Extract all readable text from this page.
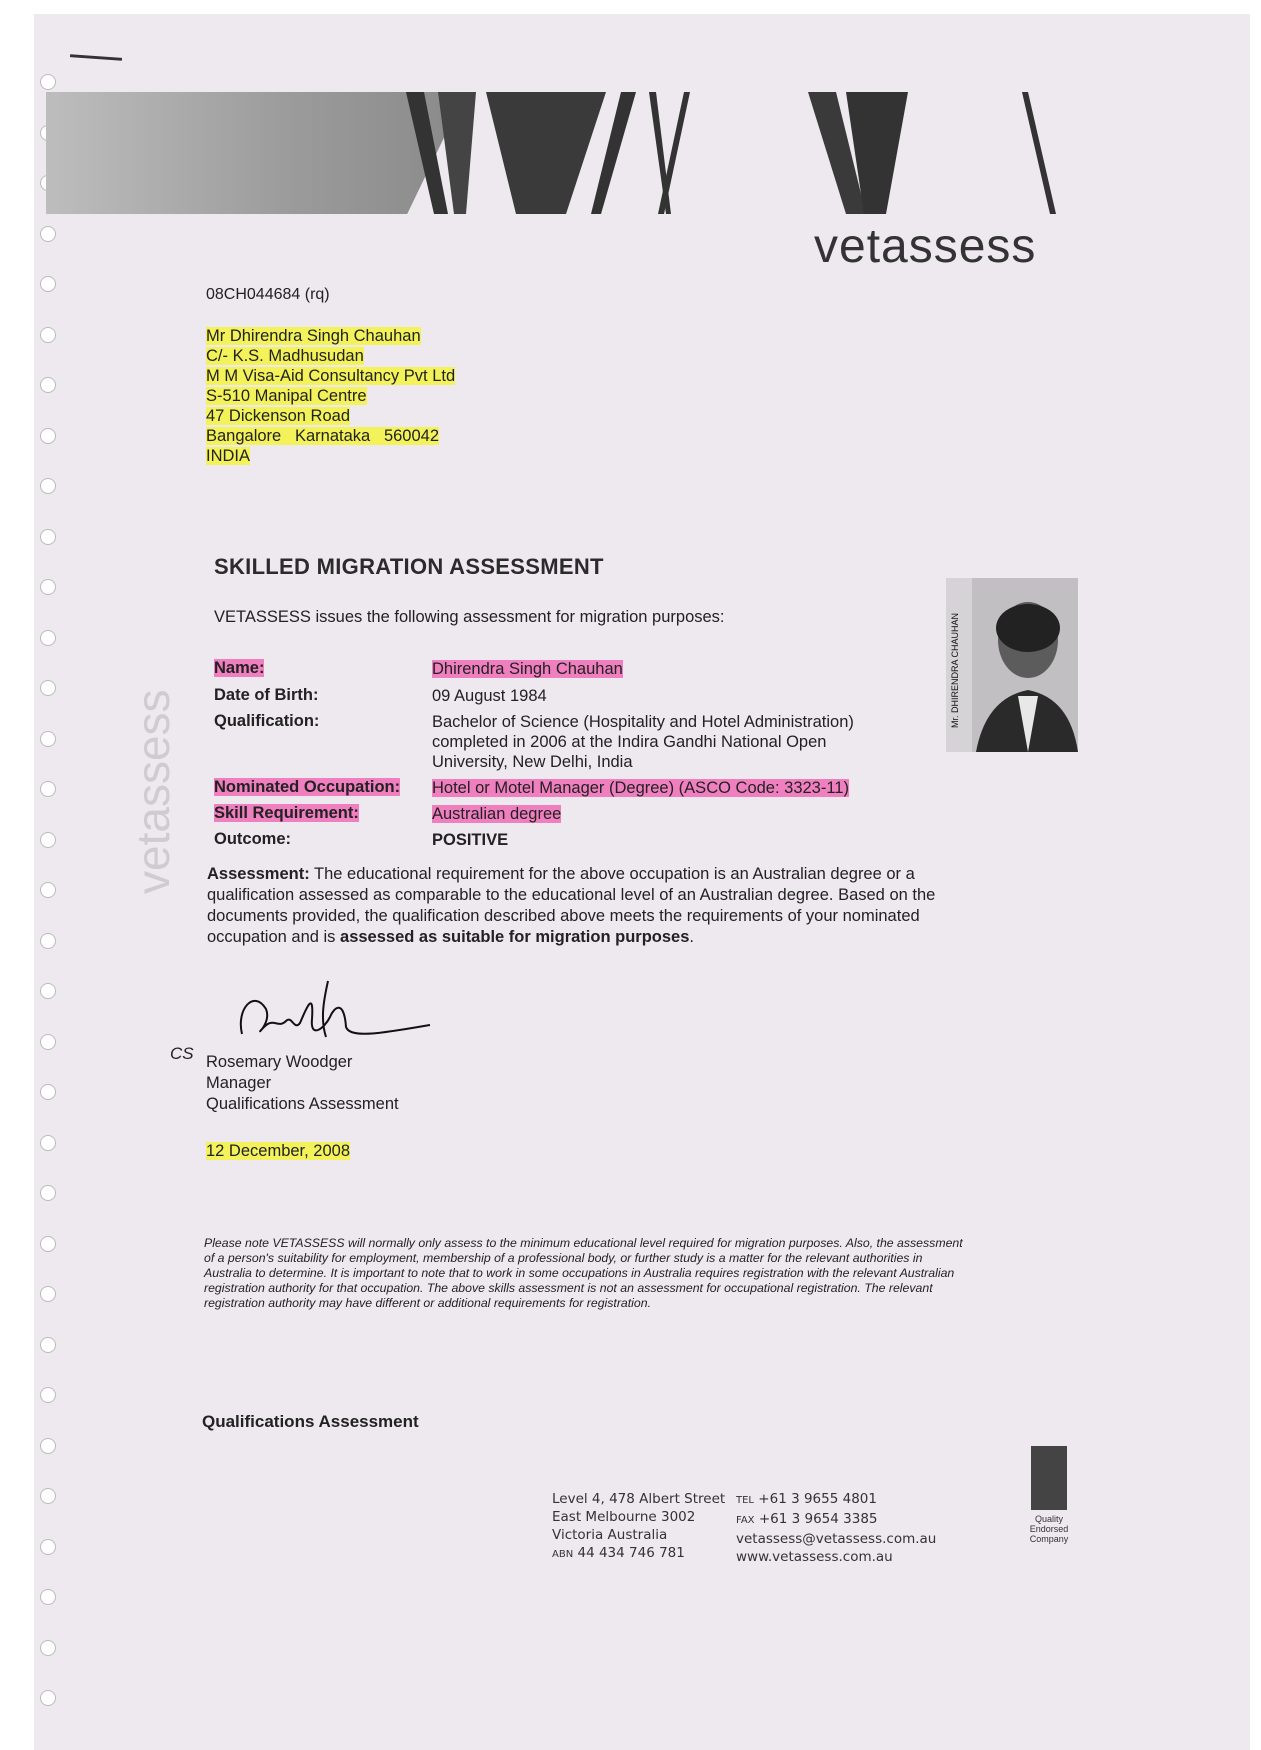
vetassess
08CH044684 (rq)
Mr Dhirendra Singh Chauhan
C/- K.S. Madhusudan
M M Visa-Aid Consultancy Pvt Ltd
S-510 Manipal Centre
47 Dickenson Road
Bangalore   Karnataka   560042
INDIA
vetassess
SKILLED MIGRATION ASSESSMENT
VETASSESS issues the following assessment for migration purposes:	Mr. DHIRENDRA CHAUHAN
Name:	Dhirendra Singh Chauhan
Date of Birth:	09 August 1984
Qualification:	Bachelor of Science (Hospitality and Hotel Administration)
completed in 2006 at the Indira Gandhi National Open
University, New Delhi, India
Nominated Occupation: Hotel or Motel Manager (Degree) (ASCO Code: 3323-11)
Skill Requirement:	Australian degree
Outcome:	POSITIVE
Assessment: The educational requirement for the above occupation is an Australian degree or a qualification assessed as comparable to the educational level of an Australian degree. Based on the documents provided, the qualification described above meets the requirements of your nominated occupation and is assessed as suitable for migration purposes.
CS Rosemary Woodger
Manager
Qualifications Assessment
12 December, 2008
Please note VETASSESS will normally only assess to the minimum educational level required for migration purposes. Also, the assessment of a person's suitability for employment, membership of a professional body, or further study is a matter for the relevant authorities in Australia to determine. It is important to note that to work in some occupations in Australia requires registration with the relevant Australian registration authority for that occupation. The above skills assessment is not an assessment for occupational registration. The relevant registration authority may have different or additional requirements for registration.
Qualifications Assessment
Level 4, 478 Albert Street
East Melbourne 3002
Victoria Australia
ABN 44 434 746 781
TEL +61 3 9655 4801
FAX +61 3 9654 3385
vetassess@vetassess.com.au
www.vetassess.com.au
Quality
Endorsed
Company
